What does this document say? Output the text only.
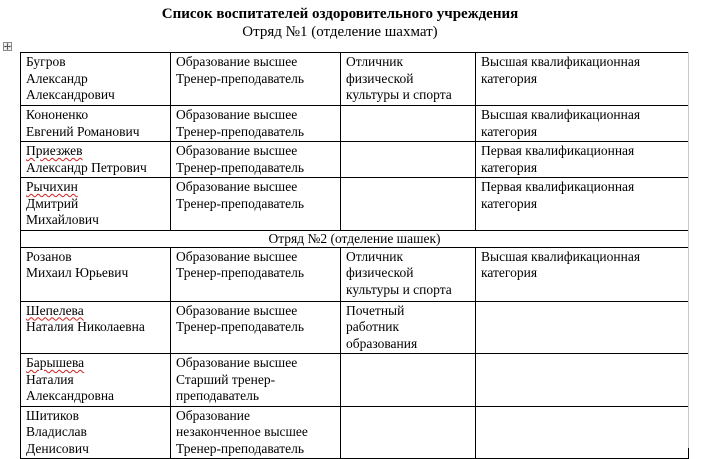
Список воспитателей оздоровительного учреждения
Отряд №1 (отделение шахмат)
Бугров
Александр
Александрович	Образование высшее
Тренер-преподаватель	Отличник
физической
культуры и спорта	Высшая квалификационная
категория

Кононенко
Евгений Романович	Образование высшее
Тренер-преподаватель		Высшая квалификационная
категория

Приезжев
Александр Петрович	Образование высшее
Тренер-преподаватель		Первая квалификационная
категория

Рычихин
Дмитрий
Михайлович	Образование высшее
Тренер-преподаватель		Первая квалификационная
категория

Отряд №2 (отделение шашек)			

Розанов
Михаил Юрьевич	Образование высшее
Тренер-преподаватель	Отличник
физической
культуры и спорта	Высшая квалификационная
категория

Шепелева
Наталия Николаевна	Образование высшее
Тренер-преподаватель	Почетный
работник
образования	

Барышева
Наталия
Александровна	Образование высшее
Старший тренер-
преподаватель		

Шитиков
Владислав
Денисович	Образование
незаконченное высшее
Тренер-преподаватель		
